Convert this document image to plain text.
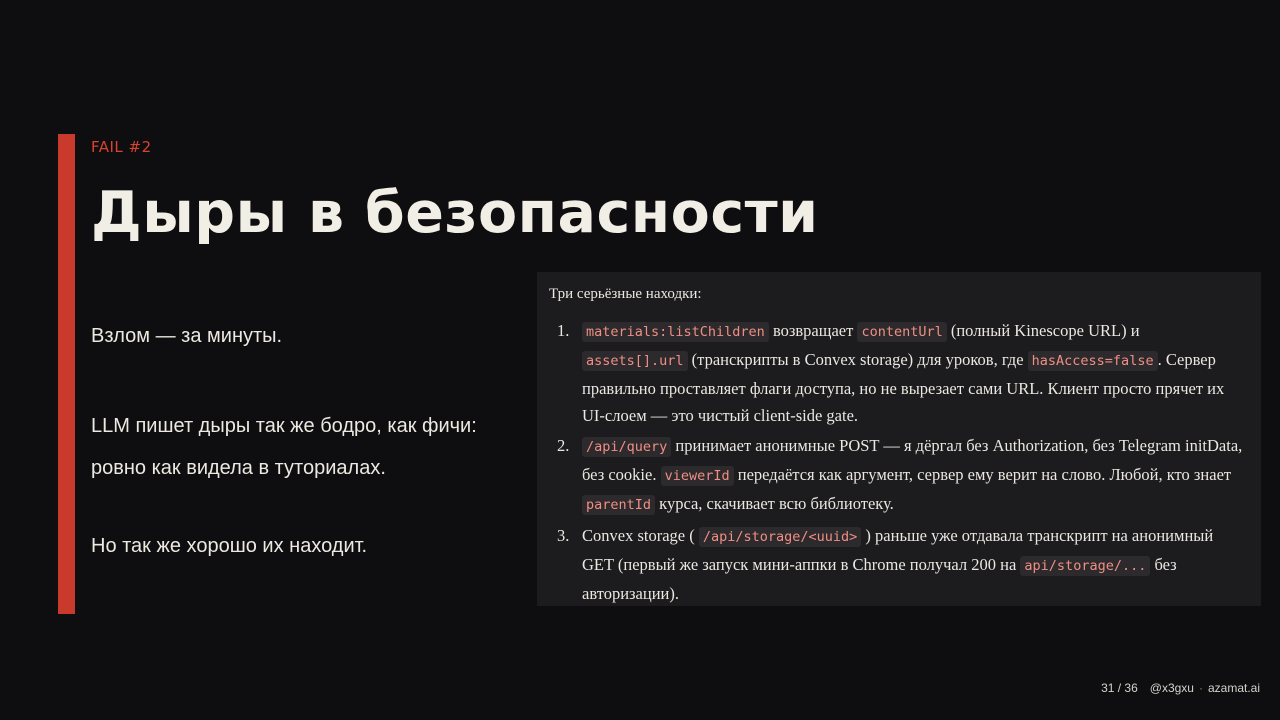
FAIL #2
Дыры в безопасности

Взлом — за минуты.

LLM пишет дыры так же бодро, как фичи: ровно как видела в туториалах.

Но так же хорошо их находит.

Три серьёзные находки:
1. materials:listChildren возвращает contentUrl (полный Kinescope URL) и assets[].url (транскрипты в Convex storage) для уроков, где hasAccess=false . Сервер правильно проставляет флаги доступа, но не вырезает сами URL. Клиент просто прячет их UI-слоем — это чистый client-side gate.
2. /api/query принимает анонимные POST — я дёргал без Authorization, без Telegram initData, без cookie. viewerId передаётся как аргумент, сервер ему верит на слово. Любой, кто знает parentId курса, скачивает всю библиотеку.
3. Convex storage ( /api/storage/<uuid> ) раньше уже отдавала транскрипт на анонимный GET (первый же запуск мини-аппки в Chrome получал 200 на api/storage/... без авторизации).
31 / 36 @x3gxu · azamat.ai
